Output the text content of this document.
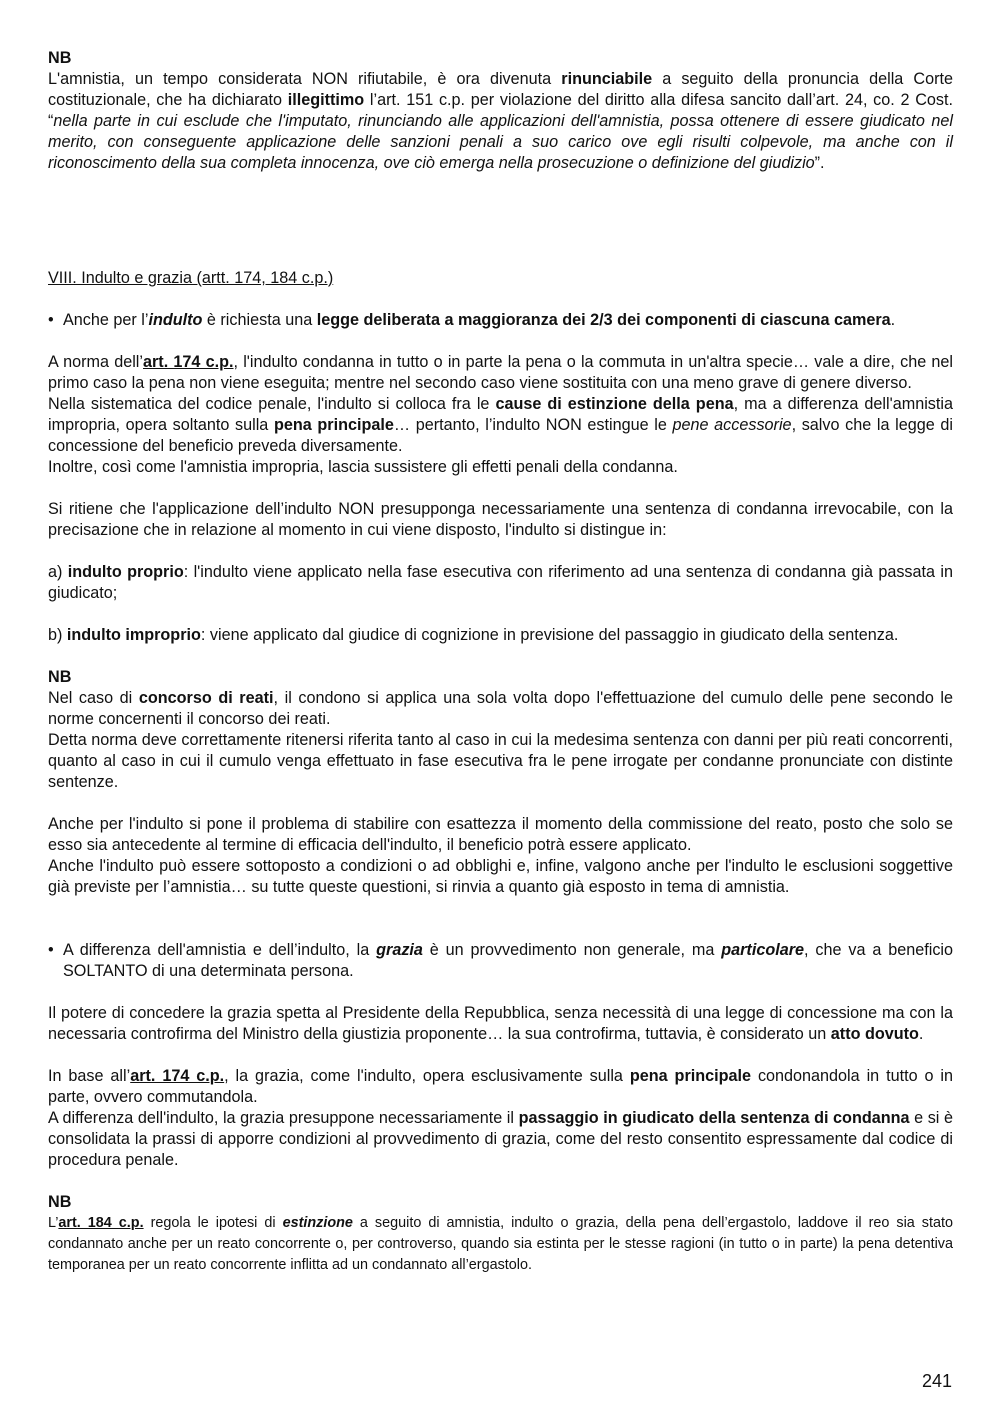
NB

L'amnistia, un tempo considerata NON rifiutabile, è ora divenuta rinunciabile a seguito della pronuncia della Corte costituzionale, che ha dichiarato illegittimo l’art. 151 c.p. per violazione del diritto alla difesa sancito dall’art. 24, co. 2 Cost. “nella parte in cui esclude che l'imputato, rinunciando alle applicazioni dell'amnistia, possa ottenere di essere giudicato nel merito, con conseguente applicazione delle sanzioni penali a suo carico ove egli risulti colpevole, ma anche con il riconoscimento della sua completa innocenza, ove ciò emerga nella prosecuzione o definizione del giudizio”.

VIII. Indulto e grazia (artt. 174, 184 c.p.)

• Anche per l’indulto è richiesta una legge deliberata a maggioranza dei 2/3 dei componenti di ciascuna camera.

A norma dell’art. 174 c.p., l'indulto condanna in tutto o in parte la pena o la commuta in un'altra specie… vale a dire, che nel primo caso la pena non viene eseguita; mentre nel secondo caso viene sostituita con una meno grave di genere diverso.

Nella sistematica del codice penale, l'indulto si colloca fra le cause di estinzione della pena, ma a differenza dell'amnistia impropria, opera soltanto sulla pena principale… pertanto, l’indulto NON estingue le pene accessorie, salvo che la legge di concessione del beneficio preveda diversamente.

Inoltre, così come l'amnistia impropria, lascia sussistere gli effetti penali della condanna.

Si ritiene che l'applicazione dell’indulto NON presupponga necessariamente una sentenza di condanna irrevocabile, con la precisazione che in relazione al momento in cui viene disposto, l'indulto si distingue in:

a) indulto proprio: l'indulto viene applicato nella fase esecutiva con riferimento ad una sentenza di condanna già passata in giudicato;

b) indulto improprio: viene applicato dal giudice di cognizione in previsione del passaggio in giudicato della sentenza.

NB

Nel caso di concorso di reati, il condono si applica una sola volta dopo l'effettuazione del cumulo delle pene secondo le norme concernenti il concorso dei reati.

Detta norma deve correttamente ritenersi riferita tanto al caso in cui la medesima sentenza con danni per più reati concorrenti, quanto al caso in cui il cumulo venga effettuato in fase esecutiva fra le pene irrogate per condanne pronunciate con distinte sentenze.

Anche per l'indulto si pone il problema di stabilire con esattezza il momento della commissione del reato, posto che solo se esso sia antecedente al termine di efficacia dell'indulto, il beneficio potrà essere applicato.

Anche l'indulto può essere sottoposto a condizioni o ad obblighi e, infine, valgono anche per l'indulto le esclusioni soggettive già previste per l’amnistia… su tutte queste questioni, si rinvia a quanto già esposto in tema di amnistia.

• A differenza dell'amnistia e dell’indulto, la grazia è un provvedimento non generale, ma particolare, che va a beneficio SOLTANTO di una determinata persona.

Il potere di concedere la grazia spetta al Presidente della Repubblica, senza necessità di una legge di concessione ma con la necessaria controfirma del Ministro della giustizia proponente… la sua controfirma, tuttavia, è considerato un atto dovuto.

In base all’art. 174 c.p., la grazia, come l'indulto, opera esclusivamente sulla pena principale condonandola in tutto o in parte, ovvero commutandola.

A differenza dell'indulto, la grazia presuppone necessariamente il passaggio in giudicato della sentenza di condanna e si è consolidata la prassi di apporre condizioni al provvedimento di grazia, come del resto consentito espressamente dal codice di procedura penale.

NB

L’art. 184 c.p. regola le ipotesi di estinzione a seguito di amnistia, indulto o grazia, della pena dell’ergastolo, laddove il reo sia stato condannato anche per un reato concorrente o, per controverso, quando sia estinta per le stesse ragioni (in tutto o in parte) la pena detentiva temporanea per un reato concorrente inflitta ad un condannato all’ergastolo.

241
